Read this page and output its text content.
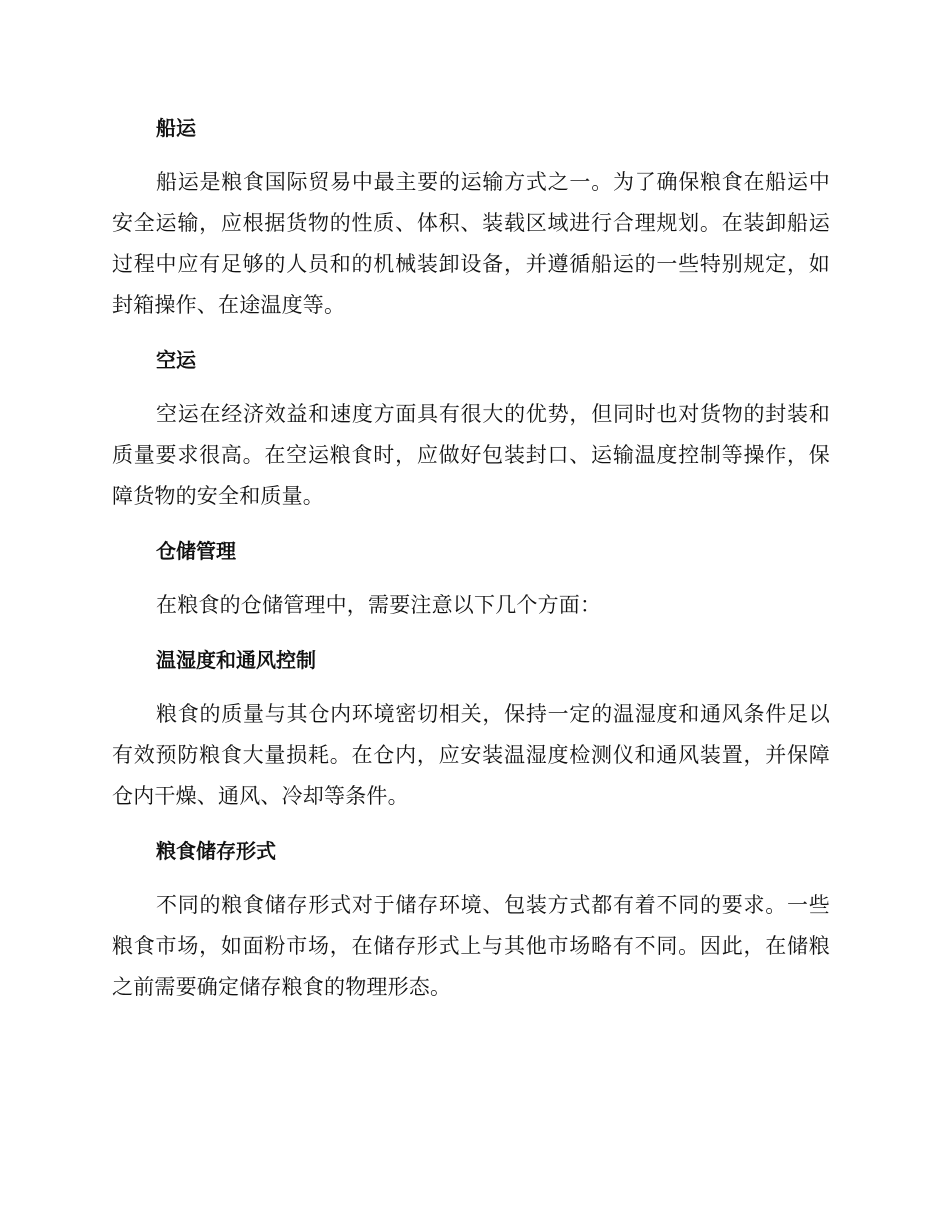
船运

船运是粮食国际贸易中最主要的运输方式之一。为了确保粮食在船运中安全运输，应根据货物的性质、体积、装载区域进行合理规划。在装卸船运过程中应有足够的人员和的机械装卸设备，并遵循船运的一些特别规定，如封箱操作、在途温度等。

空运

空运在经济效益和速度方面具有很大的优势，但同时也对货物的封装和质量要求很高。在空运粮食时，应做好包装封口、运输温度控制等操作，保障货物的安全和质量。

仓储管理

在粮食的仓储管理中，需要注意以下几个方面：

温湿度和通风控制

粮食的质量与其仓内环境密切相关，保持一定的温湿度和通风条件足以有效预防粮食大量损耗。在仓内，应安装温湿度检测仪和通风装置，并保障仓内干燥、通风、冷却等条件。

粮食储存形式

不同的粮食储存形式对于储存环境、包装方式都有着不同的要求。一些粮食市场，如面粉市场，在储存形式上与其他市场略有不同。因此，在储粮之前需要确定储存粮食的物理形态。
